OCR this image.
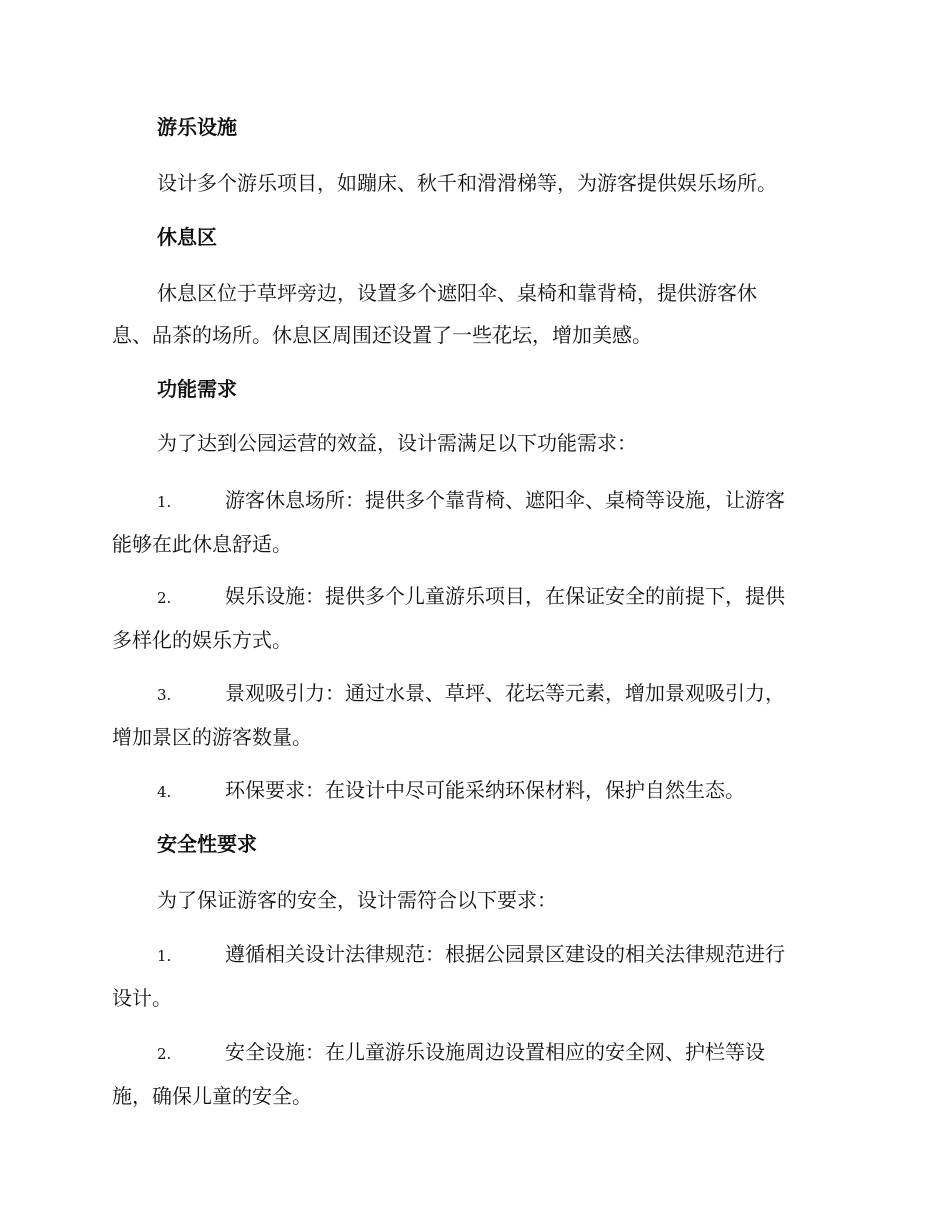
游乐设施
设计多个游乐项目，如蹦床、秋千和滑滑梯等，为游客提供娱乐场所。
休息区
休息区位于草坪旁边，设置多个遮阳伞、桌椅和靠背椅，提供游客休
息、品茶的场所。休息区周围还设置了一些花坛，增加美感。
功能需求
为了达到公园运营的效益，设计需满足以下功能需求：
1.	游客休息场所：提供多个靠背椅、遮阳伞、桌椅等设施，让游客
能够在此休息舒适。
2.	娱乐设施：提供多个儿童游乐项目，在保证安全的前提下，提供
多样化的娱乐方式。
3.	景观吸引力：通过水景、草坪、花坛等元素，增加景观吸引力，
增加景区的游客数量。
4.	环保要求：在设计中尽可能采纳环保材料，保护自然生态。
安全性要求
为了保证游客的安全，设计需符合以下要求：
1.	遵循相关设计法律规范：根据公园景区建设的相关法律规范进行
设计。
2.	安全设施：在儿童游乐设施周边设置相应的安全网、护栏等设
施，确保儿童的安全。
